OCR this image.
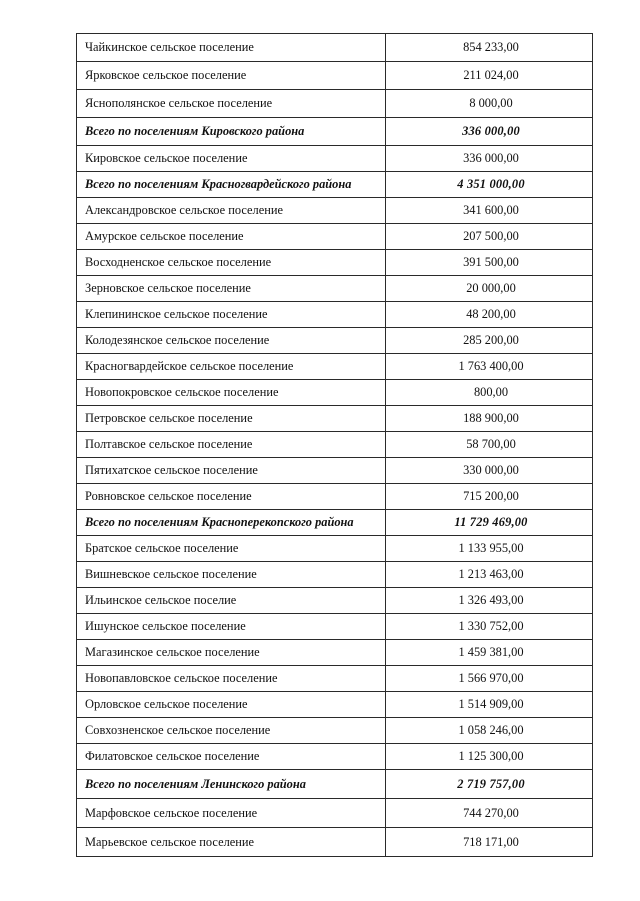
Чайкинское сельское поселение	854 233,00
Ярковское сельское поселение	211 024,00
Яснополянское сельское поселение	8 000,00
Всего по поселениям Кировского района	336 000,00
Кировское сельское поселение	336 000,00
Всего по поселениям Красногвардейского района	4 351 000,00
Александровское сельское поселение	341 600,00
Амурское сельское поселение	207 500,00
Восходненское сельское поселение	391 500,00
Зерновское сельское поселение	20 000,00
Клепининское сельское поселение	48 200,00
Колодезянское сельское поселение	285 200,00
Красногвардейское сельское поселение	1 763 400,00
Новопокровское сельское поселение	800,00
Петровское сельское поселение	188 900,00
Полтавское сельское поселение	58 700,00
Пятихатское сельское поселение	330 000,00
Ровновское сельское поселение	715 200,00
Всего по поселениям Красноперекопского района	11 729 469,00
Братское сельское поселение	1 133 955,00
Вишневское сельское поселение	1 213 463,00
Ильинское сельское поселие	1 326 493,00
Ишунское сельское поселение	1 330 752,00
Магазинское сельское поселение	1 459 381,00
Новопавловское сельское поселение	1 566 970,00
Орловское сельское поселение	1 514 909,00
Совхозненское сельское поселение	1 058 246,00
Филатовское сельское поселение	1 125 300,00
Всего по поселениям Ленинского района	2 719 757,00
Марфовское сельское поселение	744 270,00
Марьевское сельское поселение	718 171,00
